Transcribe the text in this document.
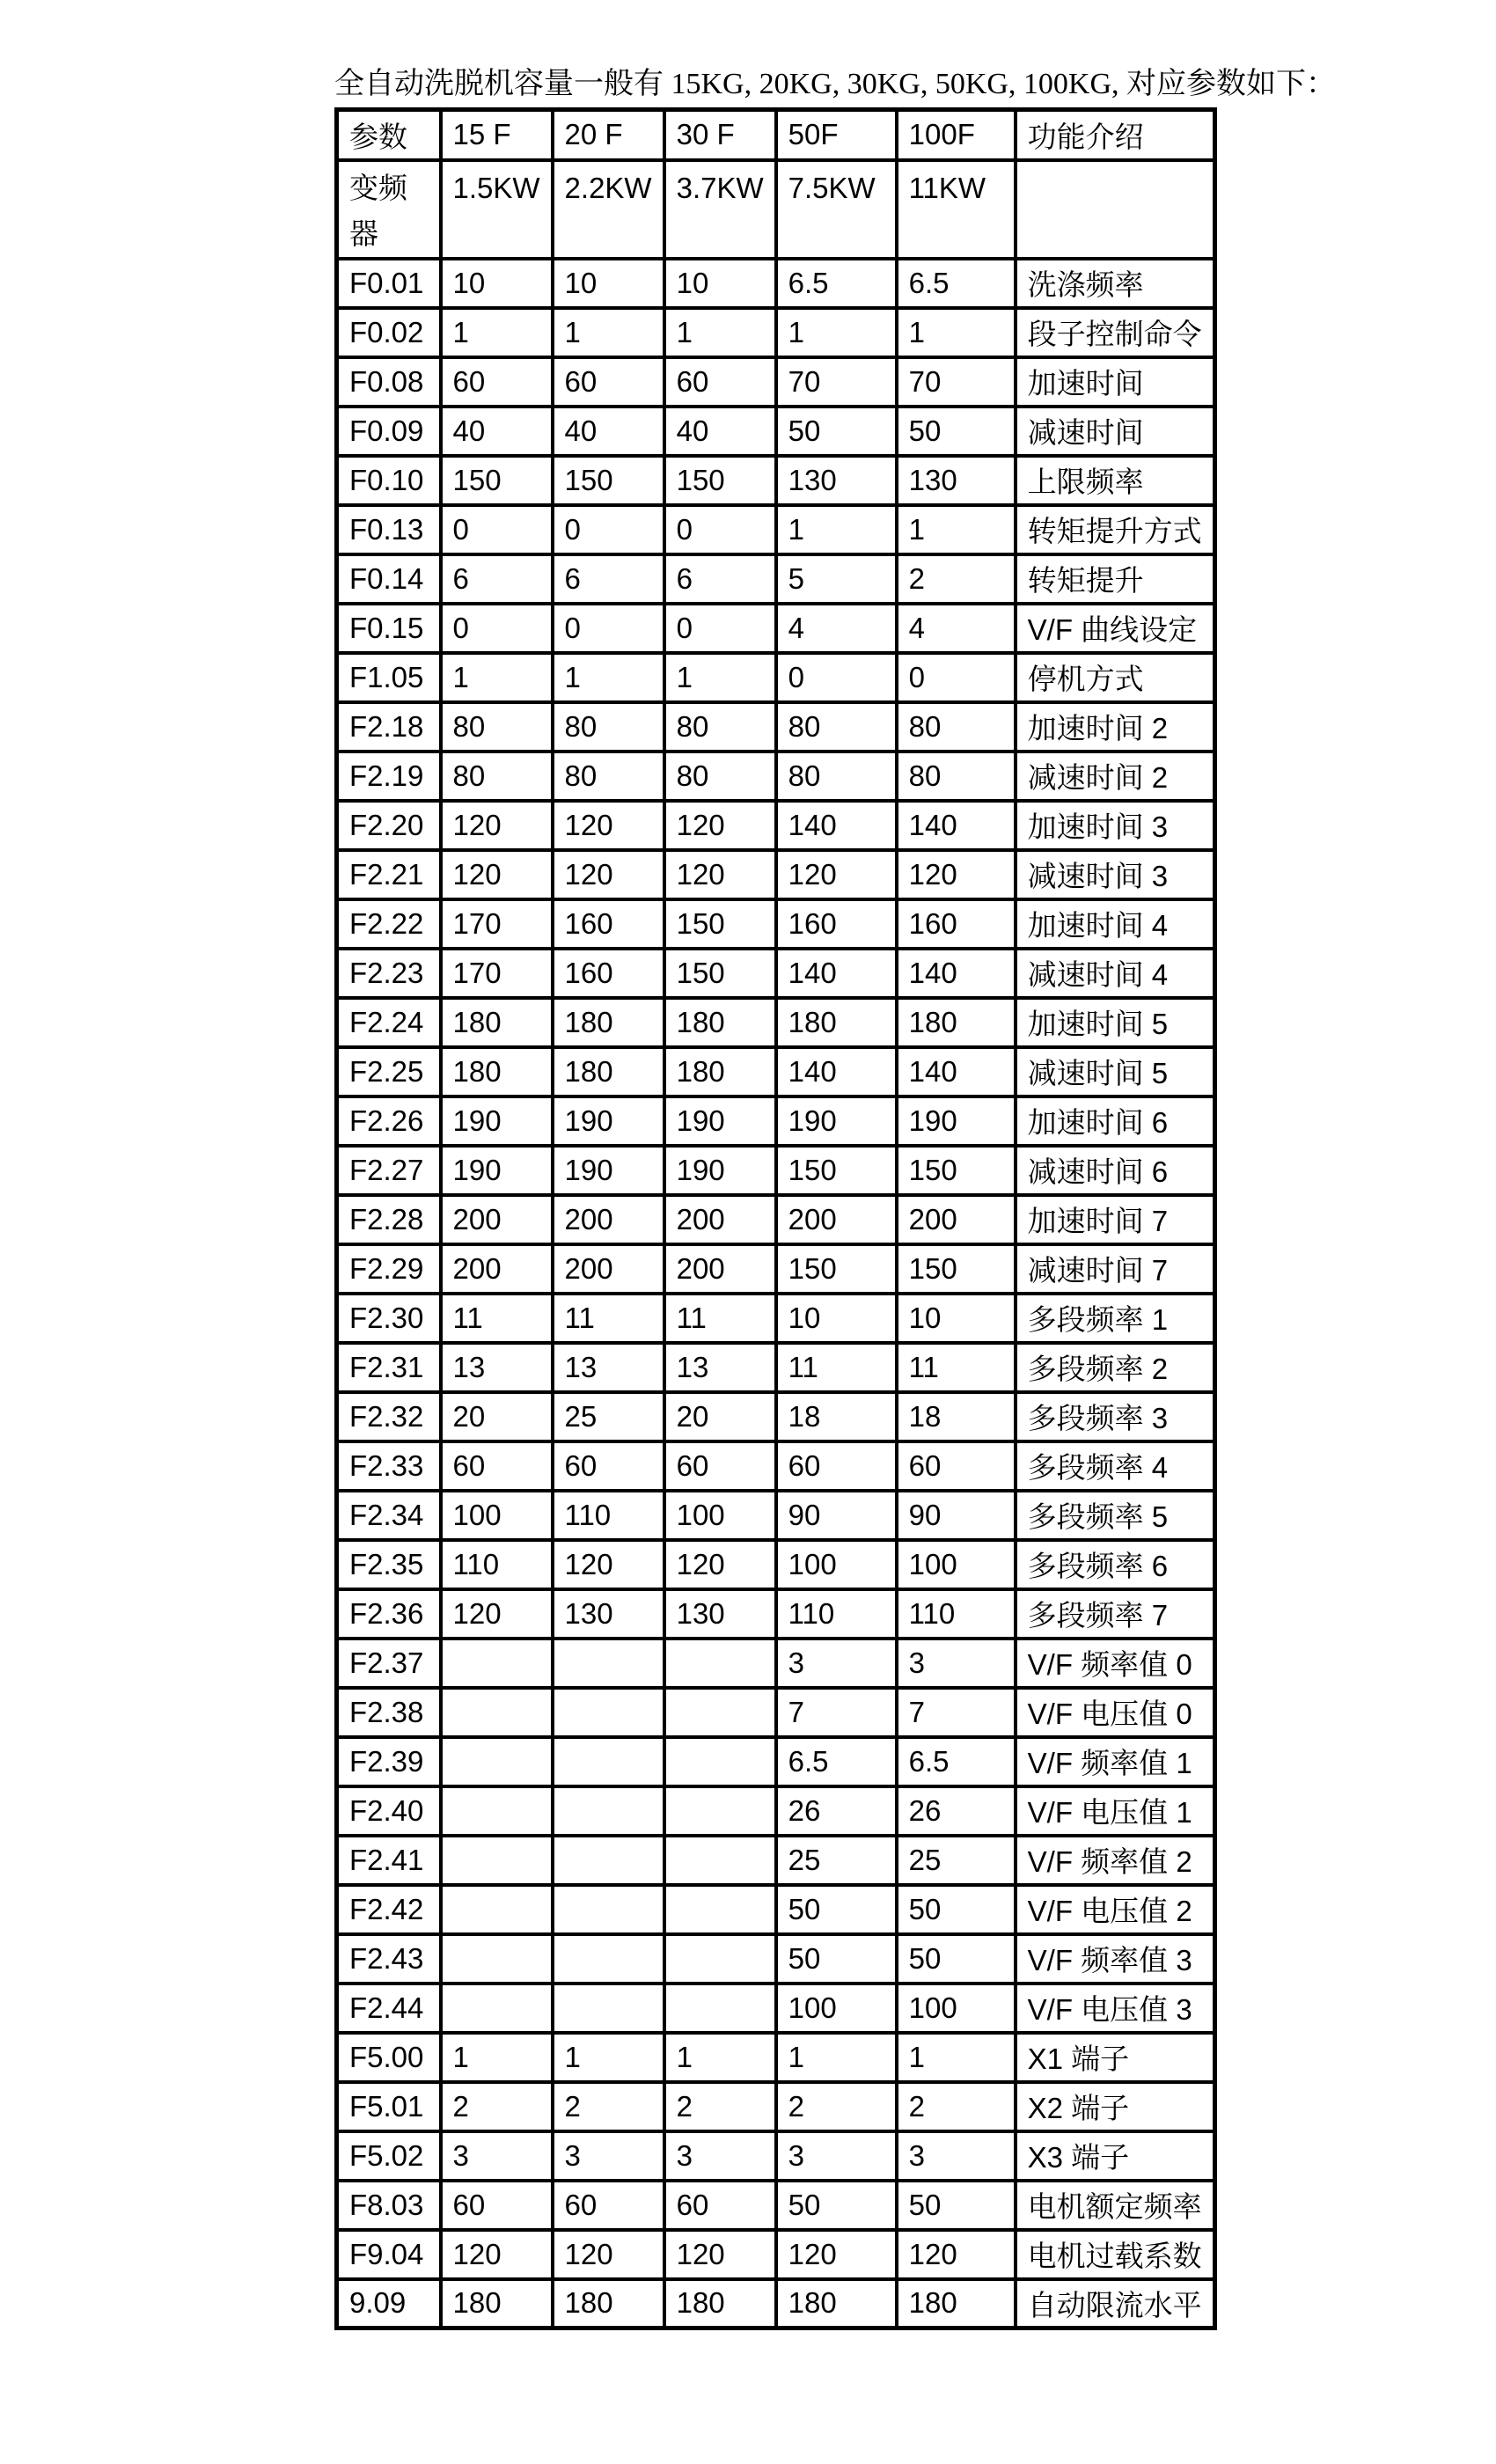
全自动洗脱机容量一般有 15KG, 20KG, 30KG, 50KG, 100KG, 对应参数如下：
参数	15 F	20 F	30 F	50F	100F	功能介绍
变频器	1.5KW	2.2KW	3.7KW	7.5KW	11KW	
F0.01	10	10	10	6.5	6.5	洗涤频率
F0.02	1	1	1	1	1	段子控制命令
F0.08	60	60	60	70	70	加速时间
F0.09	40	40	40	50	50	减速时间
F0.10	150	150	150	130	130	上限频率
F0.13	0	0	0	1	1	转矩提升方式
F0.14	6	6	6	5	2	转矩提升
F0.15	0	0	0	4	4	V/F 曲线设定
F1.05	1	1	1	0	0	停机方式
F2.18	80	80	80	80	80	加速时间 2
F2.19	80	80	80	80	80	减速时间 2
F2.20	120	120	120	140	140	加速时间 3
F2.21	120	120	120	120	120	减速时间 3
F2.22	170	160	150	160	160	加速时间 4
F2.23	170	160	150	140	140	减速时间 4
F2.24	180	180	180	180	180	加速时间 5
F2.25	180	180	180	140	140	减速时间 5
F2.26	190	190	190	190	190	加速时间 6
F2.27	190	190	190	150	150	减速时间 6
F2.28	200	200	200	200	200	加速时间 7
F2.29	200	200	200	150	150	减速时间 7
F2.30	11	11	11	10	10	多段频率 1
F2.31	13	13	13	11	11	多段频率 2
F2.32	20	25	20	18	18	多段频率 3
F2.33	60	60	60	60	60	多段频率 4
F2.34	100	110	100	90	90	多段频率 5
F2.35	110	120	120	100	100	多段频率 6
F2.36	120	130	130	110	110	多段频率 7
F2.37				3	3	V/F 频率值 0
F2.38				7	7	V/F 电压值 0
F2.39				6.5	6.5	V/F 频率值 1
F2.40				26	26	V/F 电压值 1
F2.41				25	25	V/F 频率值 2
F2.42				50	50	V/F 电压值 2
F2.43				50	50	V/F 频率值 3
F2.44				100	100	V/F 电压值 3
F5.00	1	1	1	1	1	X1 端子
F5.01	2	2	2	2	2	X2 端子
F5.02	3	3	3	3	3	X3 端子
F8.03	60	60	60	50	50	电机额定频率
F9.04	120	120	120	120	120	电机过载系数
9.09	180	180	180	180	180	自动限流水平
